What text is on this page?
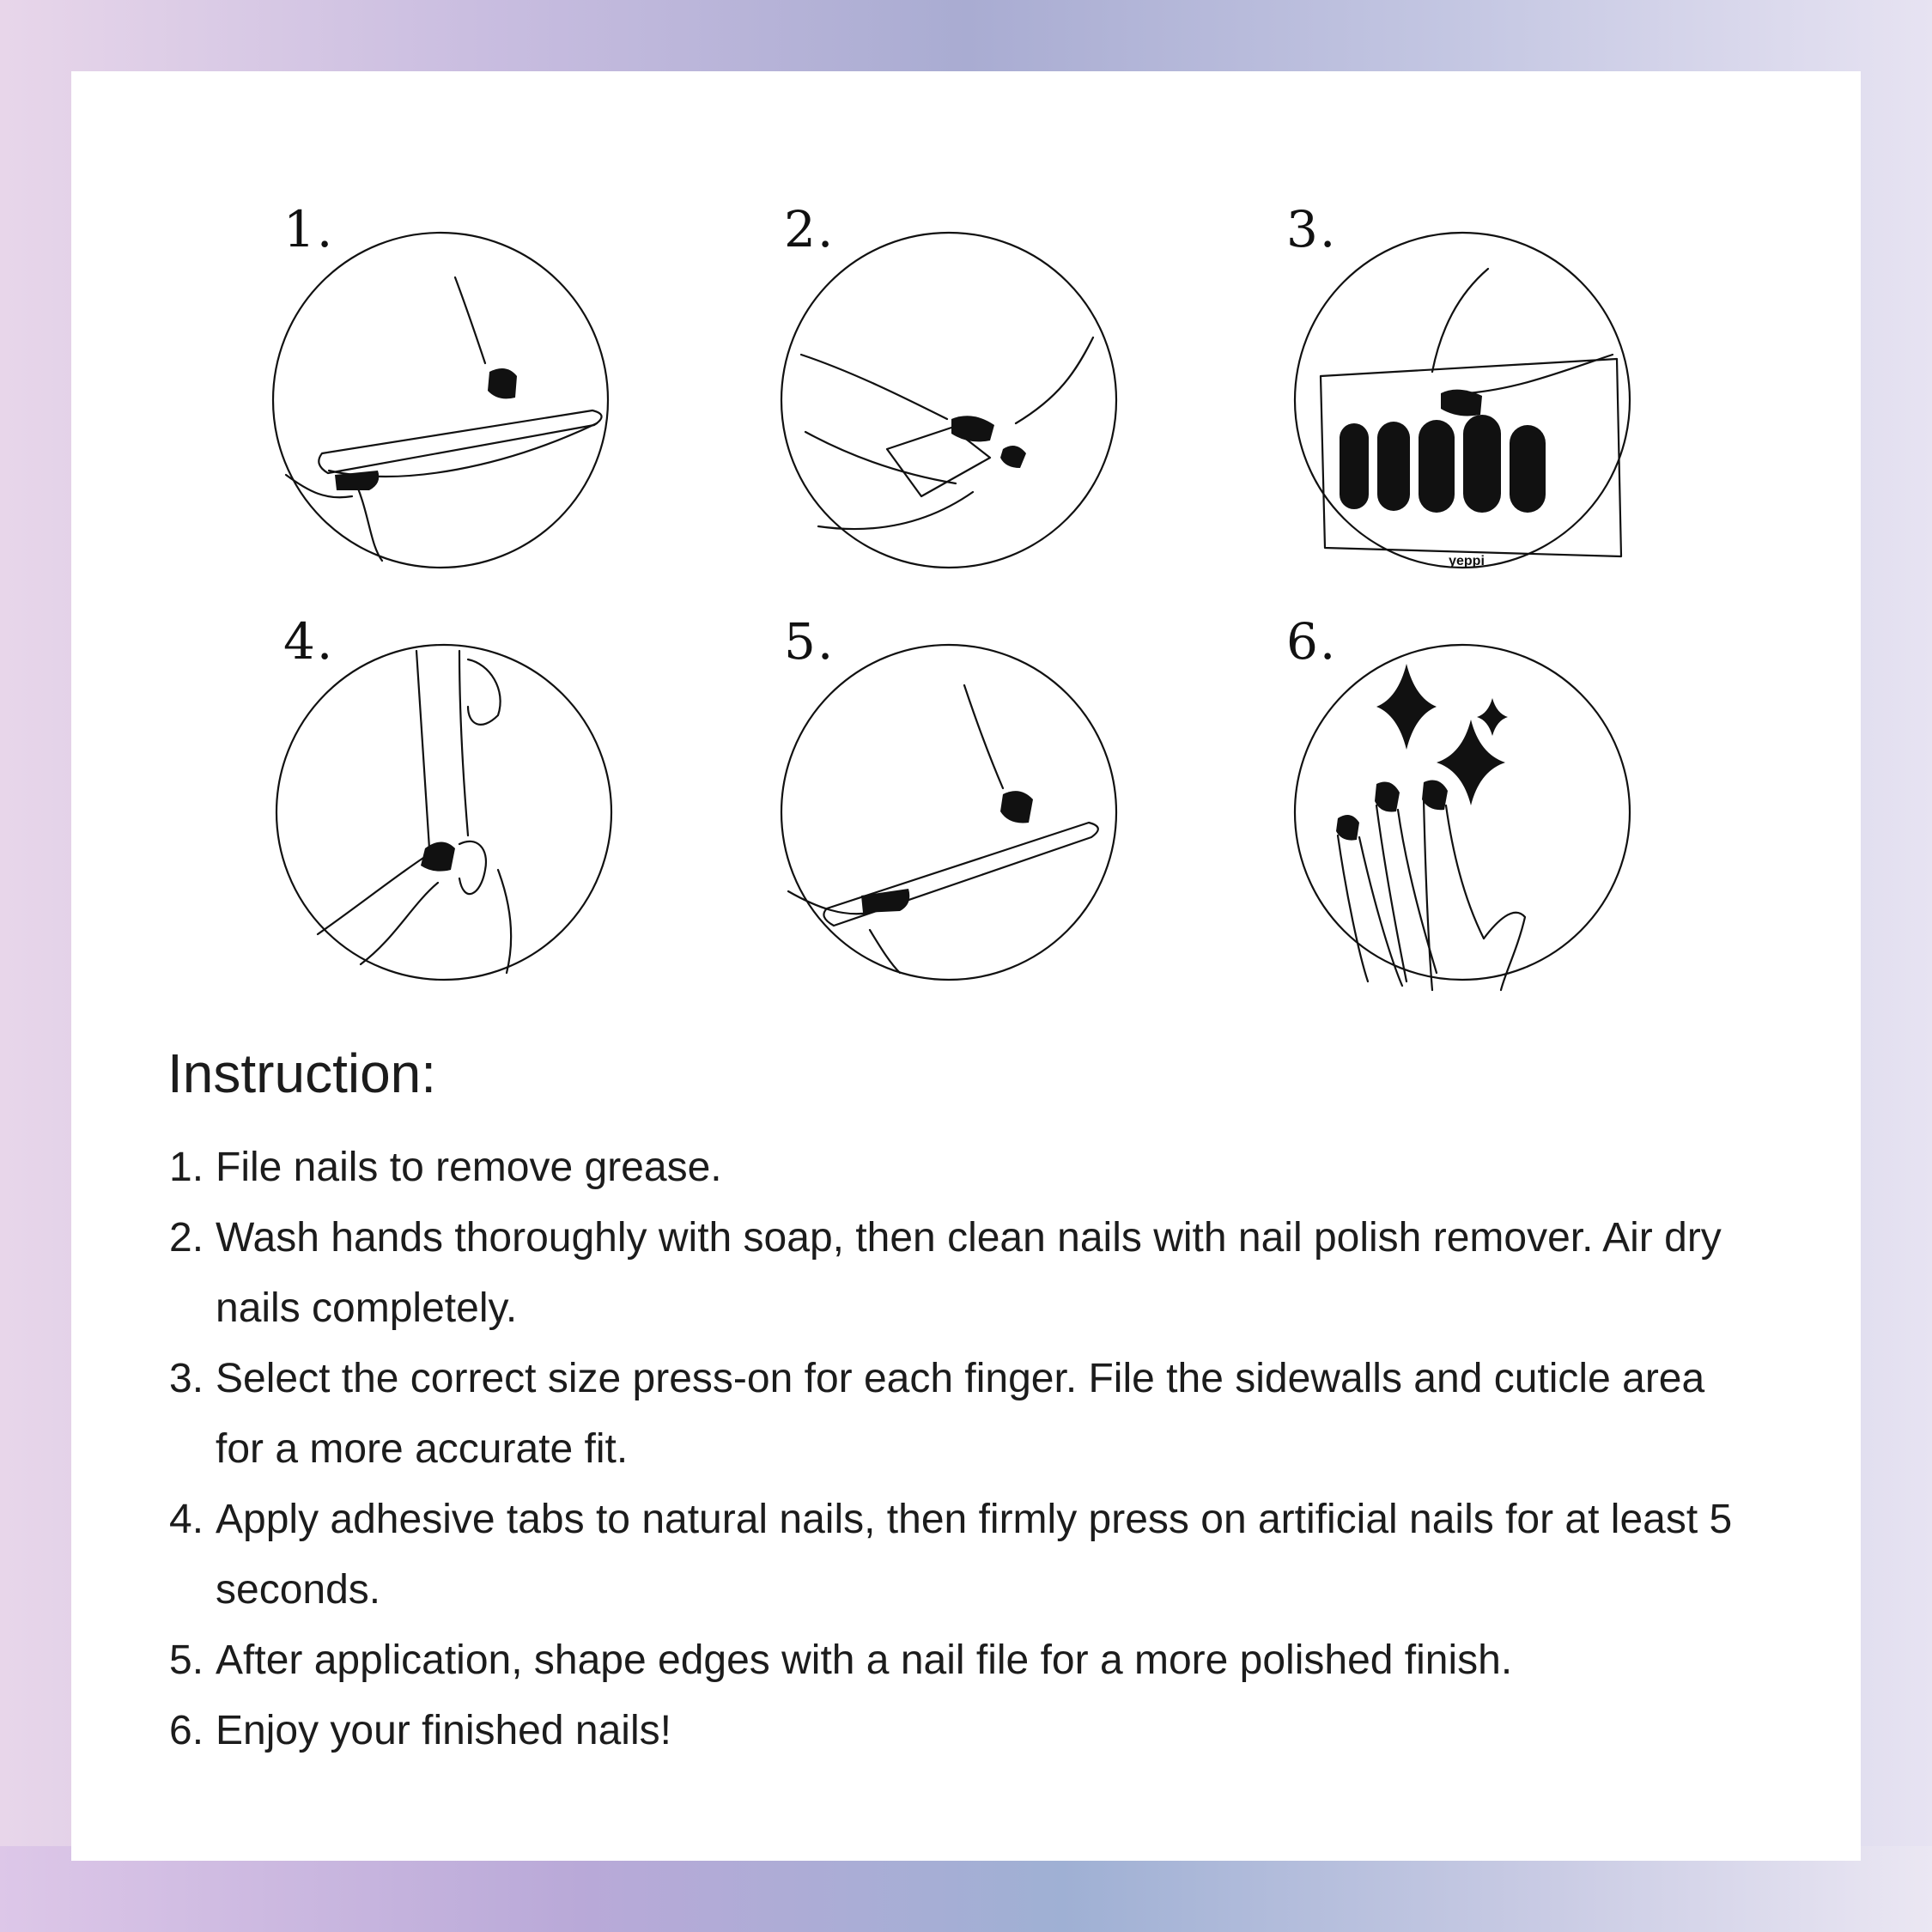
1.	2.	3.
yeppi
4.	5.	6.
Instruction:
1. File nails to remove grease.
2. Wash hands thoroughly with soap, then clean nails with nail polish remover. Air dry nails completely.
3. Select the correct size press-on for each finger. File the sidewalls and cuticle area for a more accurate fit.
4. Apply adhesive tabs to natural nails, then firmly press on artificial nails for at least 5 seconds.
5. After application, shape edges with a nail file for a more polished finish.
6. Enjoy your finished nails!
